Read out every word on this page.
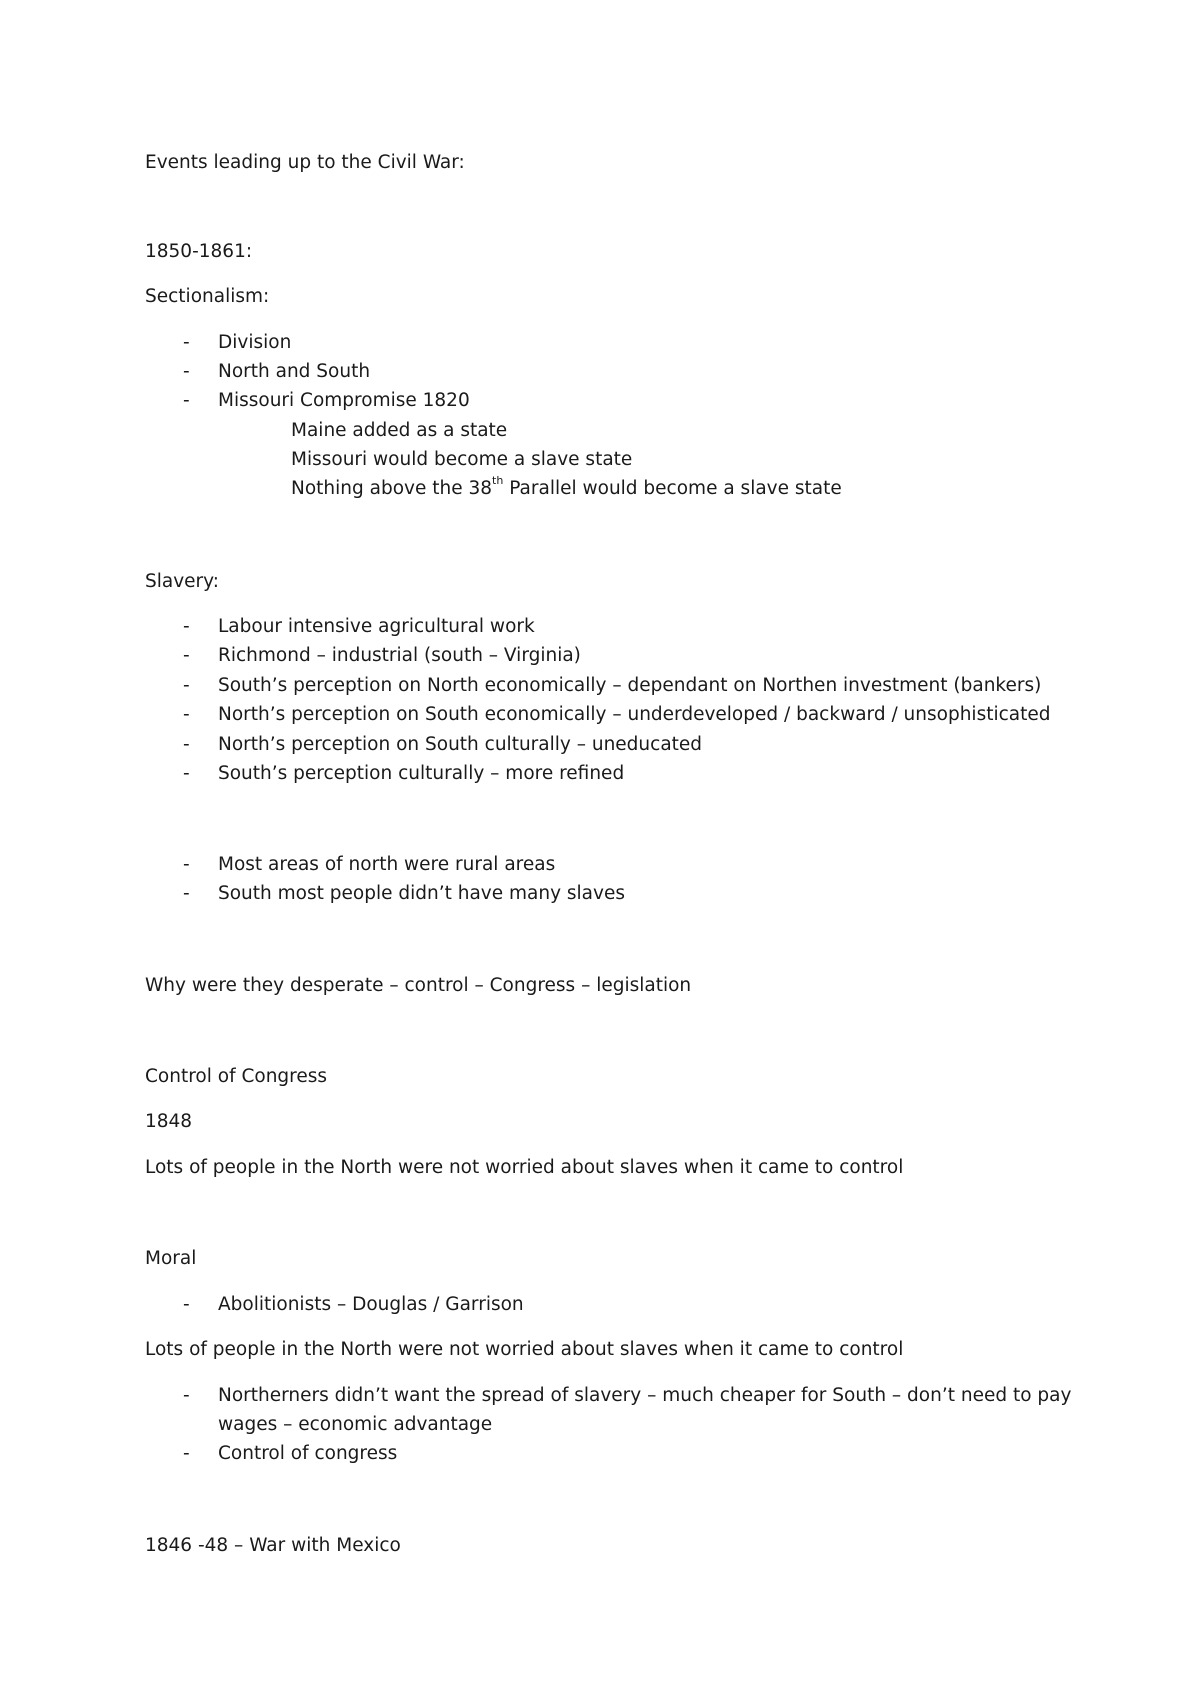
Events leading up to the Civil War:
1850-1861:
Sectionalism:
- Division
- North and South
- Missouri Compromise 1820
Maine added as a state
Missouri would become a slave state
Nothing above the 38th Parallel would become a slave state
Slavery:
- Labour intensive agricultural work
- Richmond – industrial (south – Virginia)
- South’s perception on North economically – dependant on Northen investment (bankers)
- North’s perception on South economically – underdeveloped / backward / unsophisticated
- North’s perception on South culturally – uneducated
- South’s perception culturally – more refined
- Most areas of north were rural areas
- South most people didn’t have many slaves
Why were they desperate – control – Congress – legislation
Control of Congress
1848
Lots of people in the North were not worried about slaves when it came to control
Moral
- Abolitionists – Douglas / Garrison
Lots of people in the North were not worried about slaves when it came to control
- Northerners didn’t want the spread of slavery – much cheaper for South – don’t need to pay
wages – economic advantage
- Control of congress
1846 -48 – War with Mexico
